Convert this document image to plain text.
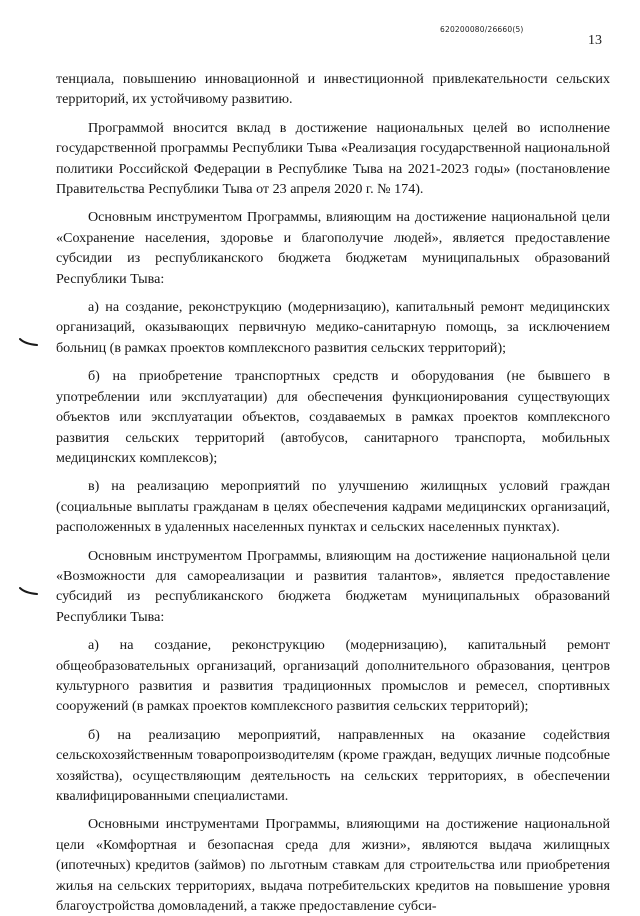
620200080/26660(5)
13

тенциала, повышению инновационной и инвестиционной привлекательности сельских территорий, их устойчивому развитию.

Программой вносится вклад в достижение национальных целей во исполнение государственной программы Республики Тыва «Реализация государственной национальной политики Российской Федерации в Республике Тыва на 2021-2023 годы» (постановление Правительства Республики Тыва от 23 апреля 2020 г. № 174).

Основным инструментом Программы, влияющим на достижение национальной цели «Сохранение населения, здоровье и благополучие людей», является предоставление субсидии из республиканского бюджета бюджетам муниципальных образований Республики Тыва:

а) на создание, реконструкцию (модернизацию), капитальный ремонт медицинских организаций, оказывающих первичную медико-санитарную помощь, за исключением больниц (в рамках проектов комплексного развития сельских территорий);

б) на приобретение транспортных средств и оборудования (не бывшего в употреблении или эксплуатации) для обеспечения функционирования существующих объектов или эксплуатации объектов, создаваемых в рамках проектов комплексного развития сельских территорий (автобусов, санитарного транспорта, мобильных медицинских комплексов);

в) на реализацию мероприятий по улучшению жилищных условий граждан (социальные выплаты гражданам в целях обеспечения кадрами медицинских организаций, расположенных в удаленных населенных пунктах и сельских населенных пунктах).

Основным инструментом Программы, влияющим на достижение национальной цели «Возможности для самореализации и развития талантов», является предоставление субсидий из республиканского бюджета бюджетам муниципальных образований Республики Тыва:

а) на создание, реконструкцию (модернизацию), капитальный ремонт общеобразовательных организаций, организаций дополнительного образования, центров культурного развития и развития традиционных промыслов и ремесел, спортивных сооружений (в рамках проектов комплексного развития сельских территорий);

б) на реализацию мероприятий, направленных на оказание содействия сельскохозяйственным товаропроизводителям (кроме граждан, ведущих личные подсобные хозяйства), осуществляющим деятельность на сельских территориях, в обеспечении квалифицированными специалистами.

Основными инструментами Программы, влияющими на достижение национальной цели «Комфортная и безопасная среда для жизни», являются выдача жилищных (ипотечных) кредитов (займов) по льготным ставкам для строительства или приобретения жилья на сельских территориях, выдача потребительских кредитов на повышение уровня благоустройства домовладений, а также предоставление субси-
